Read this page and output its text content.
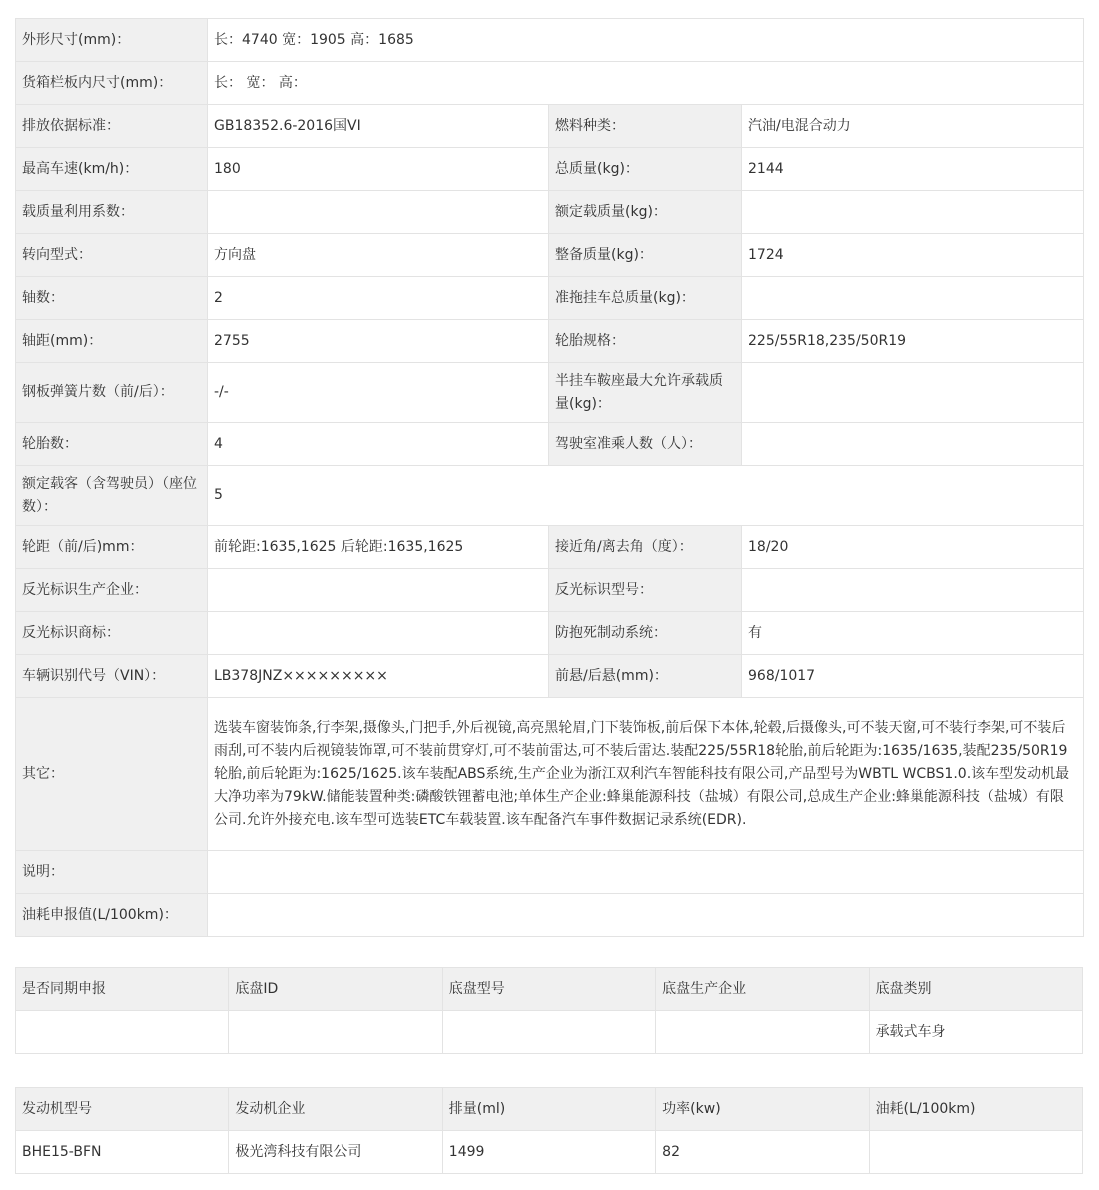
外形尺寸(mm)：	长：4740 宽：1905 高：1685		
货箱栏板内尺寸(mm)：	长： 宽： 高：		
排放依据标准：	GB18352.6-2016国VI	燃料种类：	汽油/电混合动力
最高车速(km/h)：	180	总质量(kg)：	2144
载质量利用系数：		额定载质量(kg)：	
转向型式：	方向盘	整备质量(kg)：	1724
轴数：	2	准拖挂车总质量(kg)：	
轴距(mm)：	2755	轮胎规格：	225/55R18,235/50R19
钢板弹簧片数（前/后）：	-/-	半挂车鞍座最大允许承载质量(kg)：	
轮胎数：	4	驾驶室准乘人数（人）：	
额定载客（含驾驶员）（座位数）：	5		
轮距（前/后)mm：	前轮距:1635,1625 后轮距:1635,1625	接近角/离去角（度）：	18/20
反光标识生产企业：		反光标识型号：	
反光标识商标：		防抱死制动系统：	有
车辆识别代号（VIN）：	LB378JNZ×××××××××	前悬/后悬(mm)：	968/1017
其它：	选装车窗装饰条,行李架,摄像头,门把手,外后视镜,高亮黑轮眉,门下装饰板,前后保下本体,轮毂,后摄像头,可不装天窗,可不装行李架,可不装后雨刮,可不装内后视镜装饰罩,可不装前贯穿灯,可不装前雷达,可不装后雷达.装配225/55R18轮胎,前后轮距为:1635/1635,装配235/50R19轮胎,前后轮距为:1625/1625.该车装配ABS系统,生产企业为浙江双利汽车智能科技有限公司,产品型号为WBTL WCBS1.0.该车型发动机最大净功率为79kW.储能装置种类:磷酸铁锂蓄电池;单体生产企业:蜂巢能源科技（盐城）有限公司,总成生产企业:蜂巢能源科技（盐城）有限公司.允许外接充电.该车型可选装ETC车载装置.该车配备汽车事件数据记录系统(EDR).		
说明：			
油耗申报值(L/100km)：			
是否同期申报	底盘ID	底盘型号	底盘生产企业	底盘类别
				承载式车身
发动机型号	发动机企业	排量(ml)	功率(kw)	油耗(L/100km)
BHE15-BFN	极光湾科技有限公司	1499	82	
